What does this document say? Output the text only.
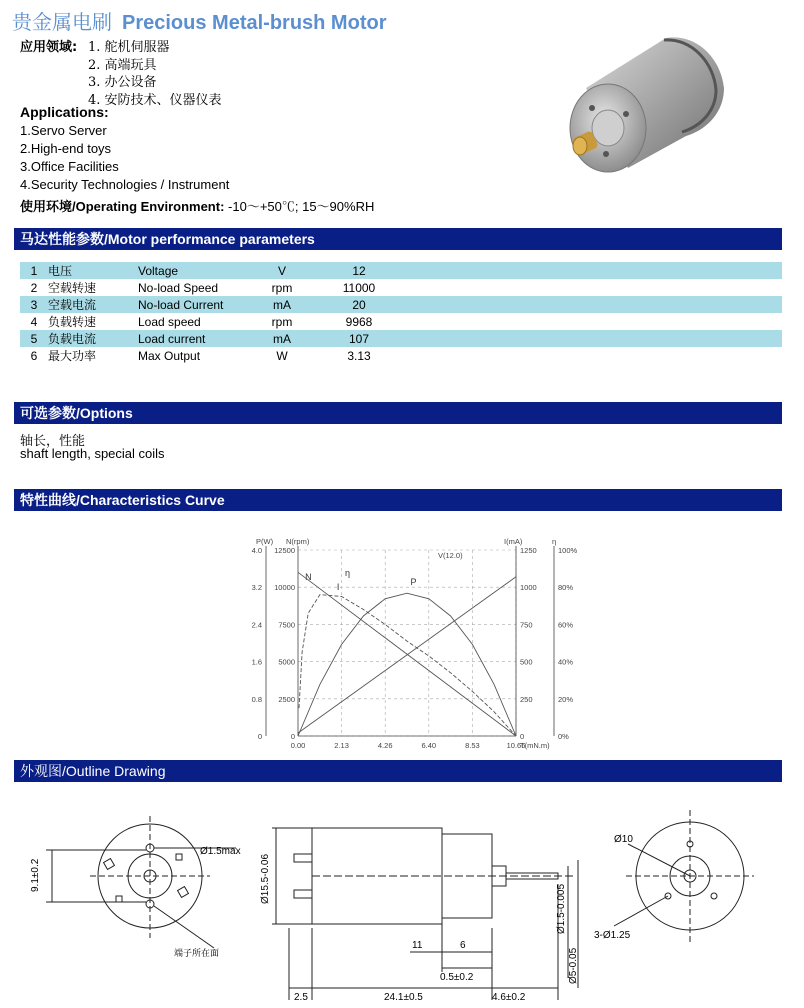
贵金属电刷 Precious Metal-brush Motor
应用领域: 1. 舵机伺服器
2. 高端玩具
3. 办公设备
4. 安防技术、仪器仪表
Applications:
1.Servo Server
2.High-end toys
3.Office Facilities
4.Security Technologies / Instrument
使用环境/Operating Environment: -10～+50℃; 15～90%RH
马达性能参数/Motor performance parameters
1	电压	Voltage	V	12	
2	空载转速	No-load Speed	rpm	11000	
3	空载电流	No-load Current	mA	20	
4	负载转速	Load speed	rpm	9968	
5	负载电流	Load current	mA	107	
6	最大功率	Max Output	W	3.13	
可选参数/Options
轴长，性能
shaft length, special coils
特性曲线/Characteristics Curve
0
0.8
1.6
2.4
3.2
4.0
0
2500
5000
7500
10000
12500
0
250
500
750
1000
1250
0%
20%
40%
60%
80%
100%
0.00	2.13	4.26	6.40	8.53	10.66
P(W) N(rpm)	I(mA)	η
T(mN.m)
V(12.0)
N
I
P
η
外观图/Outline Drawing
Ø1.5max
9.1±0.2
端子所在面
Ø15.5-0.06
Ø1.5-0.005
Ø5-0.05
2.5	24.1±0.5	4.6±0.2
0.5±0.2
11	6
Ø10
3-Ø1.25
